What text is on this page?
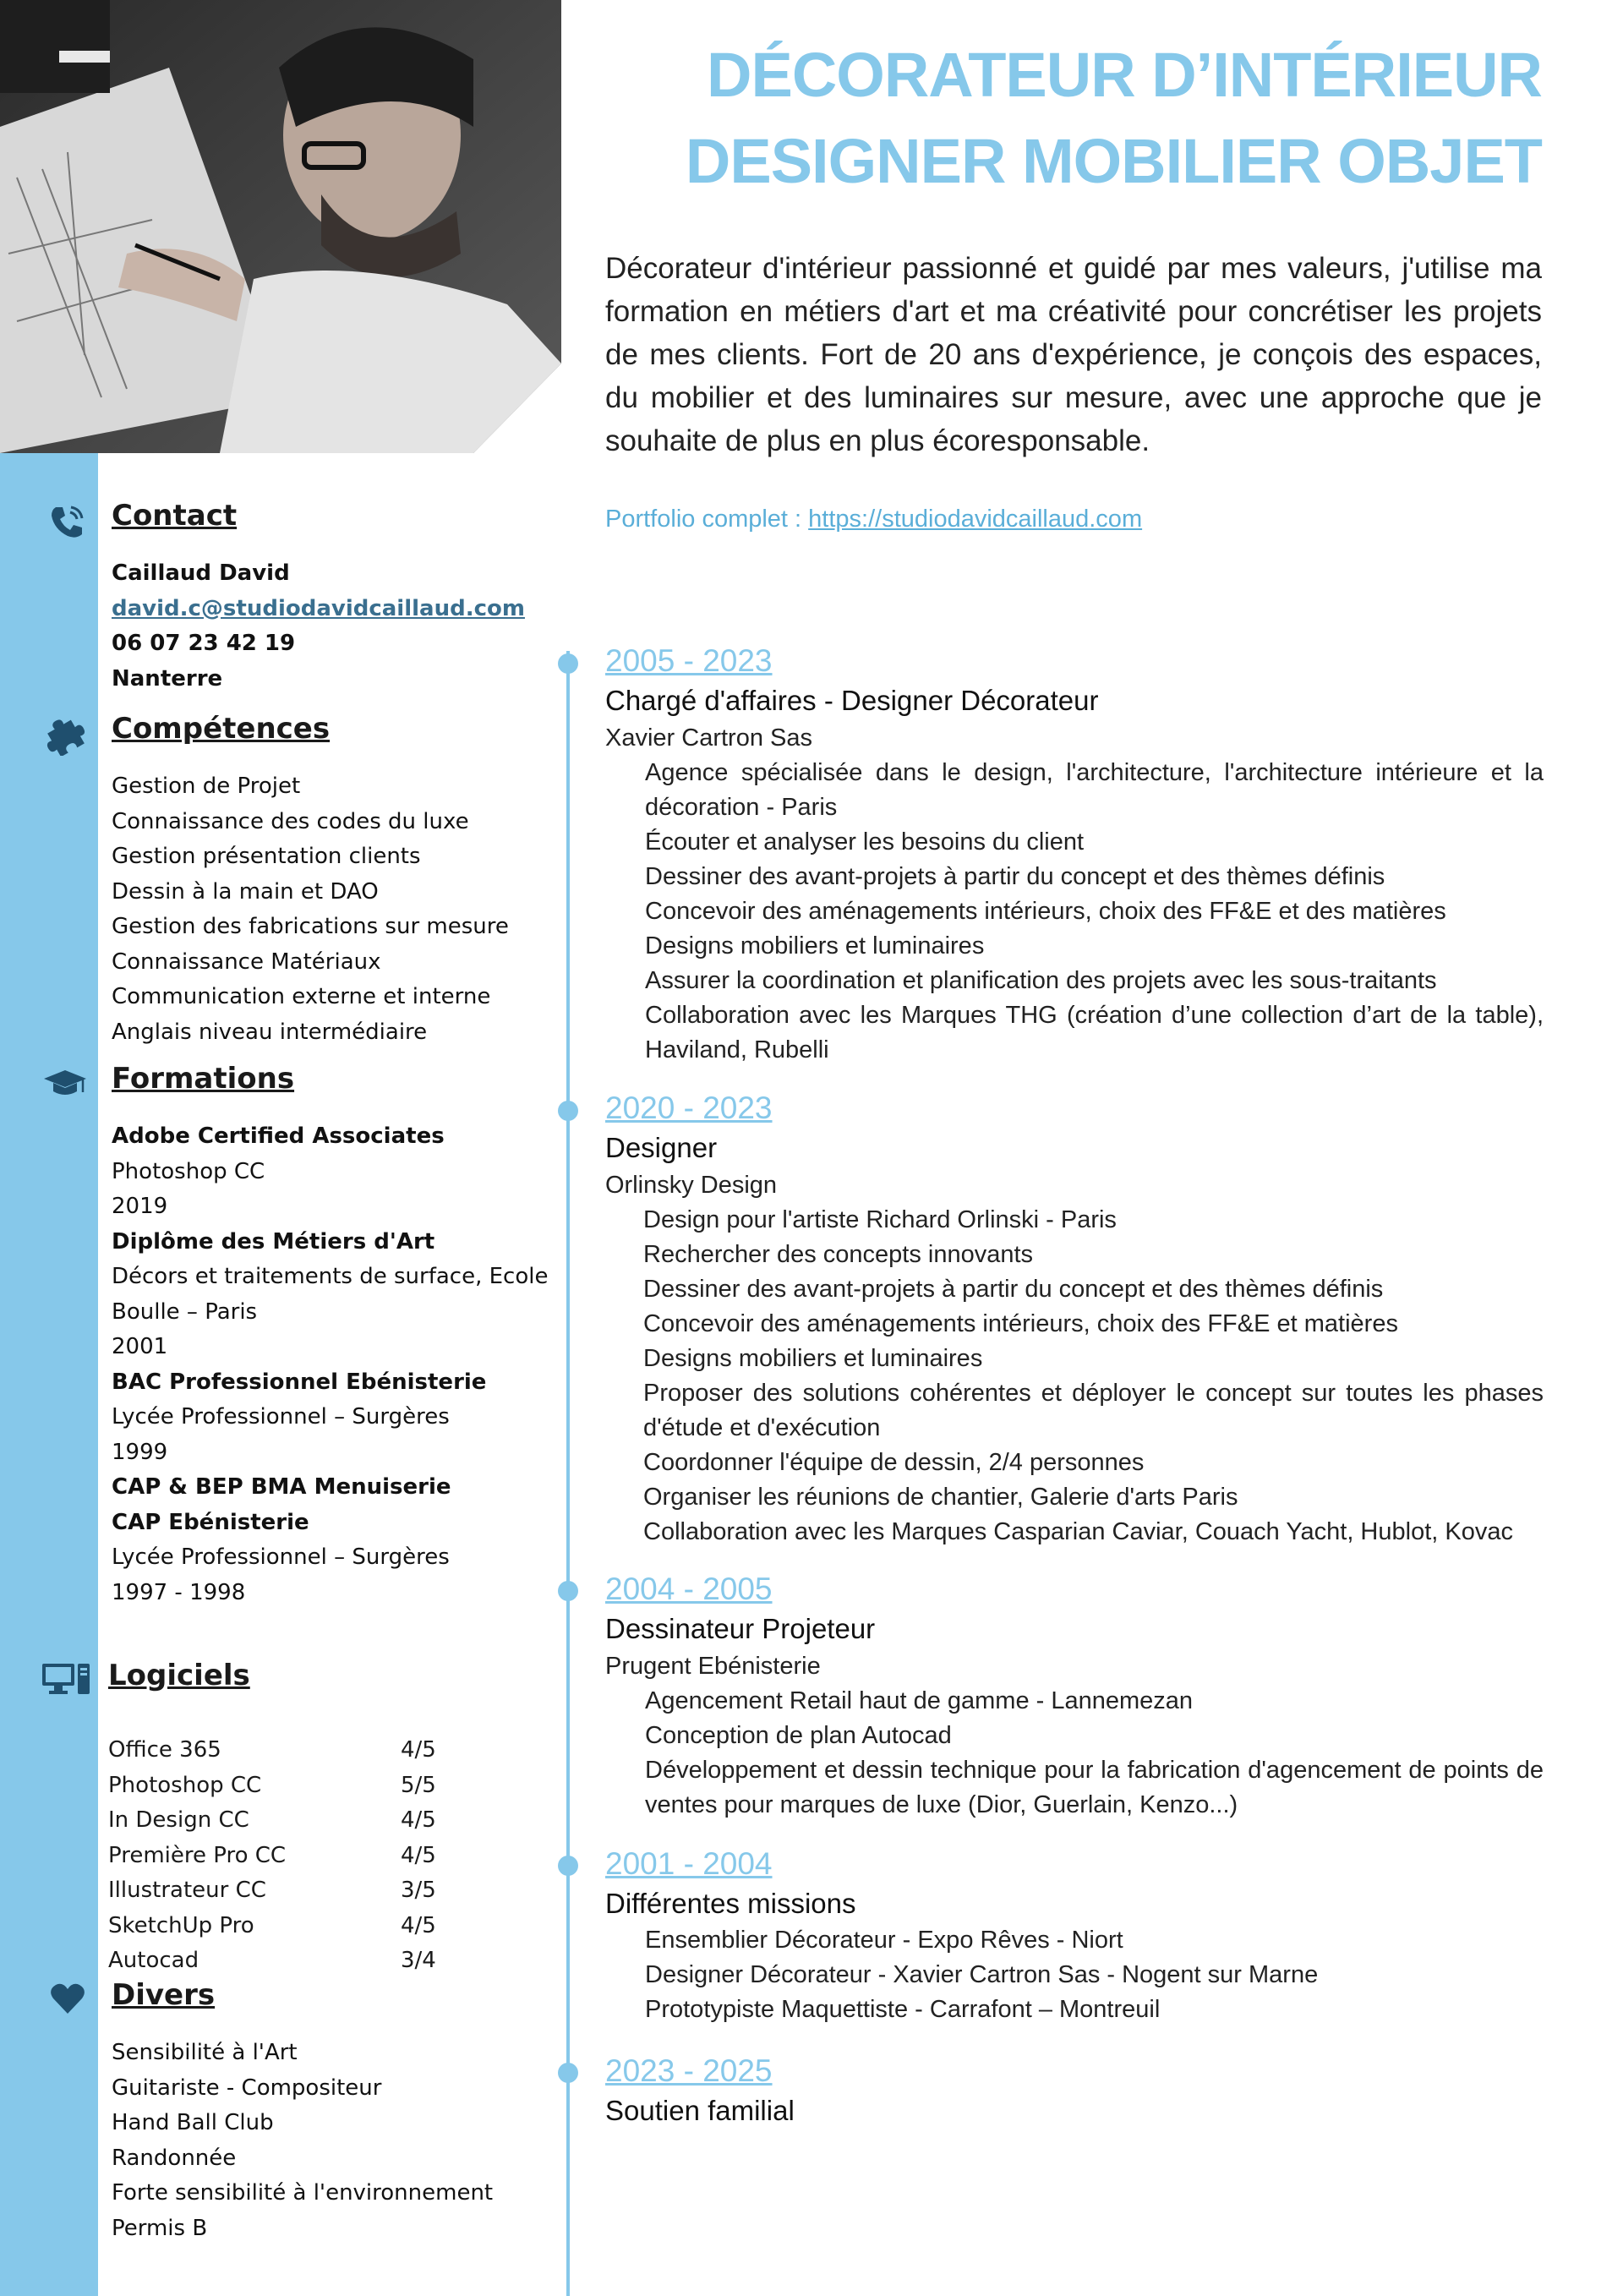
DÉCORATEUR D’INTÉRIEUR
DESIGNER MOBILIER OBJET
Décorateur d'intérieur passionné et guidé par mes valeurs, j'utilise ma formation en métiers d'art et ma créativité pour concrétiser les projets de mes clients. Fort de 20 ans d'expérience, je conçois des espaces, du mobilier et des luminaires sur mesure, avec une approche que je souhaite de plus en plus écoresponsable.
Portfolio complet : https://studiodavidcaillaud.com
Contact
Caillaud David
david.c@studiodavidcaillaud.com
06 07 23 42 19
Nanterre
Compétences
Gestion de Projet
Connaissance des codes du luxe
Gestion présentation clients
Dessin à la main et DAO
Gestion des fabrications sur mesure
Connaissance Matériaux
Communication externe et interne
Anglais niveau intermédiaire
Formations
Adobe Certified Associates
Photoshop CC
2019
Diplôme des Métiers d'Art
Décors et traitements de surface, Ecole
Boulle – Paris
2001
BAC Professionnel Ebénisterie
Lycée Professionnel – Surgères
1999
CAP & BEP BMA Menuiserie
CAP Ebénisterie
Lycée Professionnel – Surgères
1997 - 1998
Logiciels
Office 365	4/5
Photoshop CC	5/5
In Design CC	4/5
Première Pro CC	4/5
Illustrateur CC	3/5
SketchUp Pro	4/5
Autocad	3/4
Divers
Sensibilité à l'Art
Guitariste - Compositeur
Hand Ball Club
Randonnée
Forte sensibilité à l'environnement
Permis B
2005 - 2023
Chargé d'affaires - Designer Décorateur
Xavier Cartron Sas
Agence spécialisée dans le design, l'architecture, l'architecture intérieure et la décoration - Paris
Écouter et analyser les besoins du client
Dessiner des avant-projets à partir du concept et des thèmes définis
Concevoir des aménagements intérieurs, choix des FF&E et des matières
Designs mobiliers et luminaires
Assurer la coordination et planification des projets avec les sous-traitants
Collaboration avec les Marques THG (création d’une collection d’art de la table), Haviland, Rubelli
2020 - 2023
Designer
Orlinsky Design
Design pour l'artiste Richard Orlinski - Paris
Rechercher des concepts innovants
Dessiner des avant-projets à partir du concept et des thèmes définis
Concevoir des aménagements intérieurs, choix des FF&E et matières
Designs mobiliers et luminaires
Proposer des solutions cohérentes et déployer le concept sur toutes les phases d'étude et d'exécution
Coordonner l'équipe de dessin, 2/4 personnes
Organiser les réunions de chantier, Galerie d'arts Paris
Collaboration avec les Marques Casparian Caviar, Couach Yacht, Hublot, Kovac
2004 - 2005
Dessinateur Projeteur
Prugent Ebénisterie
Agencement Retail haut de gamme - Lannemezan
Conception de plan Autocad
Développement et dessin technique pour la fabrication d'agencement de points de ventes pour marques de luxe (Dior, Guerlain, Kenzo...)
2001 - 2004
Différentes missions
Ensemblier Décorateur - Expo Rêves - Niort
Designer Décorateur - Xavier Cartron Sas - Nogent sur Marne
Prototypiste Maquettiste - Carrafont – Montreuil
2023 - 2025
Soutien familial
